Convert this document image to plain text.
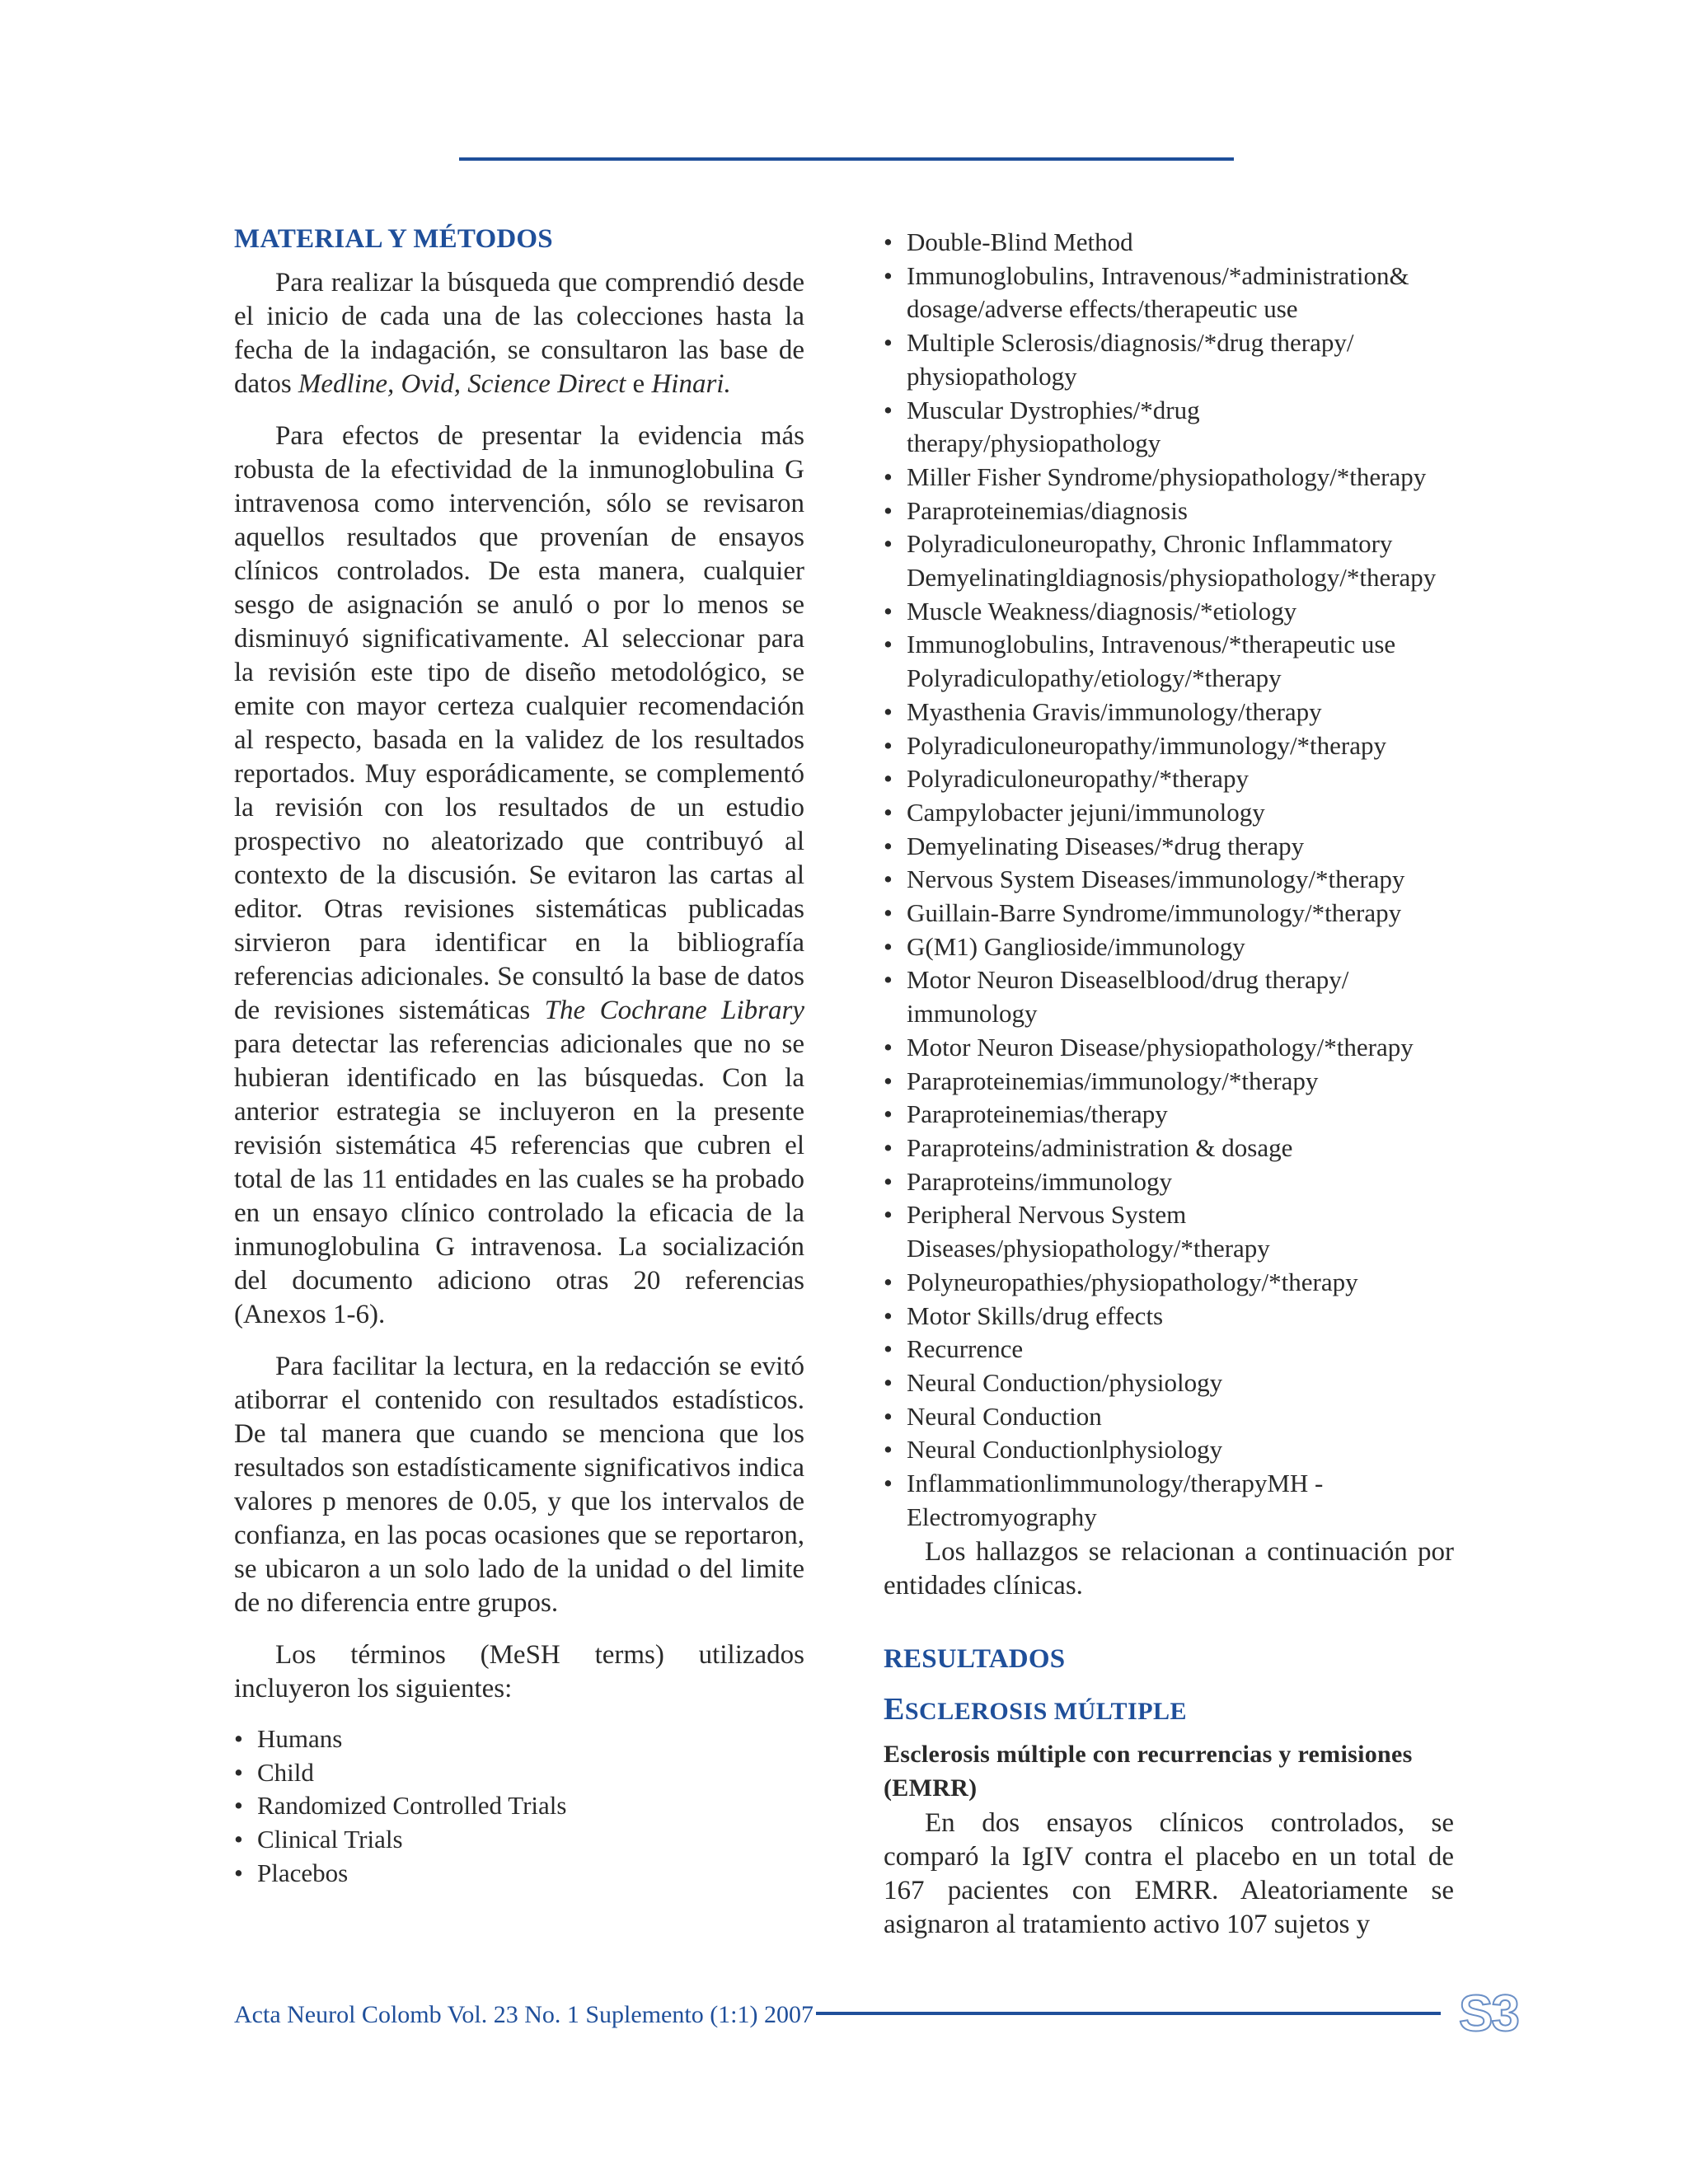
MATERIAL Y MÉTODOS

Para realizar la búsqueda que comprendió desde el inicio de cada una de las colecciones hasta la fecha de la indagación, se consultaron las base de datos Medline, Ovid, Science Direct e Hinari.

Para efectos de presentar la evidencia más robusta de la efectividad de la inmunoglobulina G intravenosa como intervención, sólo se revisaron aquellos resultados que provenían de ensayos clínicos controlados. De esta manera, cualquier sesgo de asignación se anuló o por lo menos se disminuyó significativamente. Al seleccionar para la revisión este tipo de diseño metodológico, se emite con mayor certeza cualquier recomendación al respecto, basada en la validez de los resultados reportados. Muy esporádicamente, se complementó la revisión con los resultados de un estudio prospectivo no aleatorizado que contribuyó al contexto de la discusión. Se evitaron las cartas al editor. Otras revisiones sistemáticas publicadas sirvieron para identificar en la bibliografía referencias adicionales. Se consultó la base de datos de revisiones sistemáticas The Cochrane Library para detectar las referencias adicionales que no se hubieran identificado en las búsquedas. Con la anterior estrategia se incluyeron en la presente revisión sistemática 45 referencias que cubren el total de las 11 entidades en las cuales se ha probado en un ensayo clínico controlado la eficacia de la inmunoglobulina G intravenosa. La socialización del documento adiciono otras 20 referencias (Anexos 1-6).

Para facilitar la lectura, en la redacción se evitó atiborrar el contenido con resultados estadísticos. De tal manera que cuando se menciona que los resultados son estadísticamente significativos indica valores p menores de 0.05, y que los intervalos de confianza, en las pocas ocasiones que se reportaron, se ubicaron a un solo lado de la unidad o del limite de no diferencia entre grupos.

Los términos (MeSH terms) utilizados incluyeron los siguientes:

• Humans
• Child
• Randomized Controlled Trials
• Clinical Trials
• Placebos
• Double-Blind Method
• Immunoglobulins, Intravenous/*administration& dosage/adverse effects/therapeutic use
• Multiple Sclerosis/diagnosis/*drug therapy/ physiopathology
• Muscular Dystrophies/*drug therapy/physiopathology
• Miller Fisher Syndrome/physiopathology/*therapy
• Paraproteinemias/diagnosis
• Polyradiculoneuropathy, Chronic Inflammatory Demyelinatingldiagnosis/physiopathology/*therapy
• Muscle Weakness/diagnosis/*etiology
• Immunoglobulins, Intravenous/*therapeutic use Polyradiculopathy/etiology/*therapy
• Myasthenia Gravis/immunology/therapy
• Polyradiculoneuropathy/immunology/*therapy
• Polyradiculoneuropathy/*therapy
• Campylobacter jejuni/immunology
• Demyelinating Diseases/*drug therapy
• Nervous System Diseases/immunology/*therapy
• Guillain-Barre Syndrome/immunology/*therapy
• G(M1) Ganglioside/immunology
• Motor Neuron Diseaselblood/drug therapy/ immunology
• Motor Neuron Disease/physiopathology/*therapy
• Paraproteinemias/immunology/*therapy
• Paraproteinemias/therapy
• Paraproteins/administration & dosage
• Paraproteins/immunology
• Peripheral Nervous System Diseases/physiopathology/*therapy
• Polyneuropathies/physiopathology/*therapy
• Motor Skills/drug effects
• Recurrence
• Neural Conduction/physiology
• Neural Conduction
• Neural Conductionlphysiology
• Inflammationlimmunology/therapyMH -Electromyography

Los hallazgos se relacionan a continuación por entidades clínicas.

RESULTADOS
ESCLEROSIS MÚLTIPLE

Esclerosis múltiple con recurrencias y remisiones (EMRR)

En dos ensayos clínicos controlados, se comparó la IgIV contra el placebo en un total de 167 pacientes con EMRR. Aleatoriamente se asignaron al tratamiento activo 107 sujetos y

Acta Neurol Colomb Vol. 23 No. 1 Suplemento (1:1) 2007	S3
